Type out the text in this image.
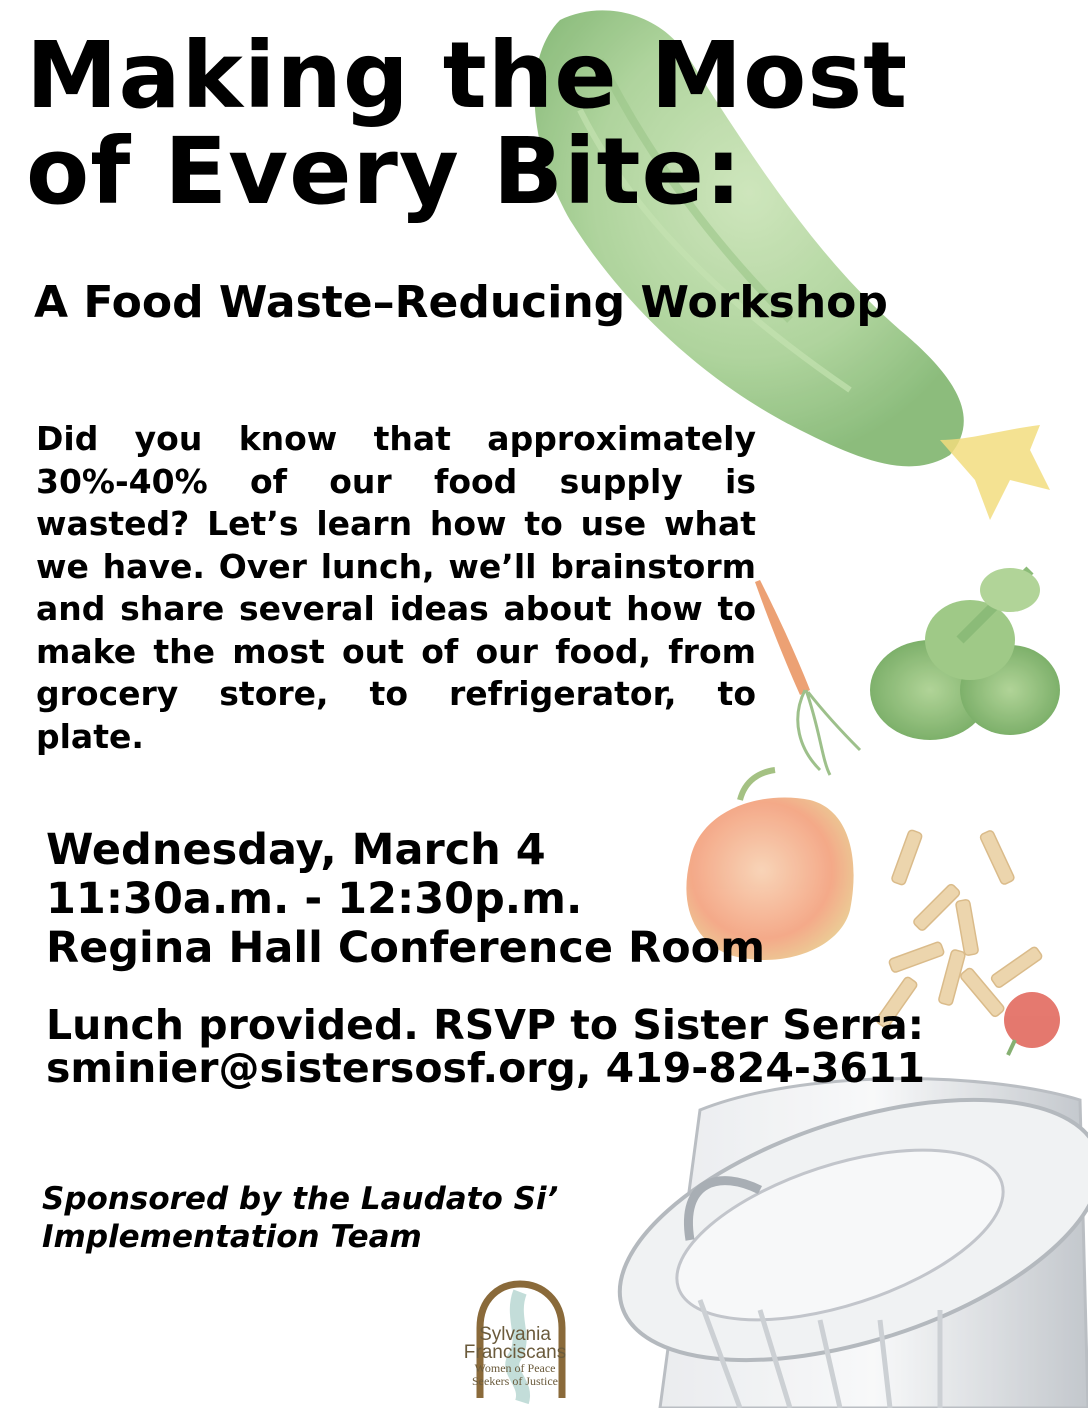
Making the Most
of Every Bite:
A Food Waste–Reducing Workshop

Did you know that approximately 30%-40% of our food supply is wasted? Let’s learn how to use what we have. Over lunch, we’ll brainstorm and share several ideas about how to make the most out of our food, from grocery store, to refrigerator, to plate.

Wednesday, March 4
11:30a.m. - 12:30p.m.
Regina Hall Conference Room
Lunch provided. RSVP to Sister Serra:
sminier@sistersosf.org, 419-824-3611
Sponsored by the Laudato Si’
Implementation Team
Sylvania
Franciscans
Women of Peace
Seekers of Justice
